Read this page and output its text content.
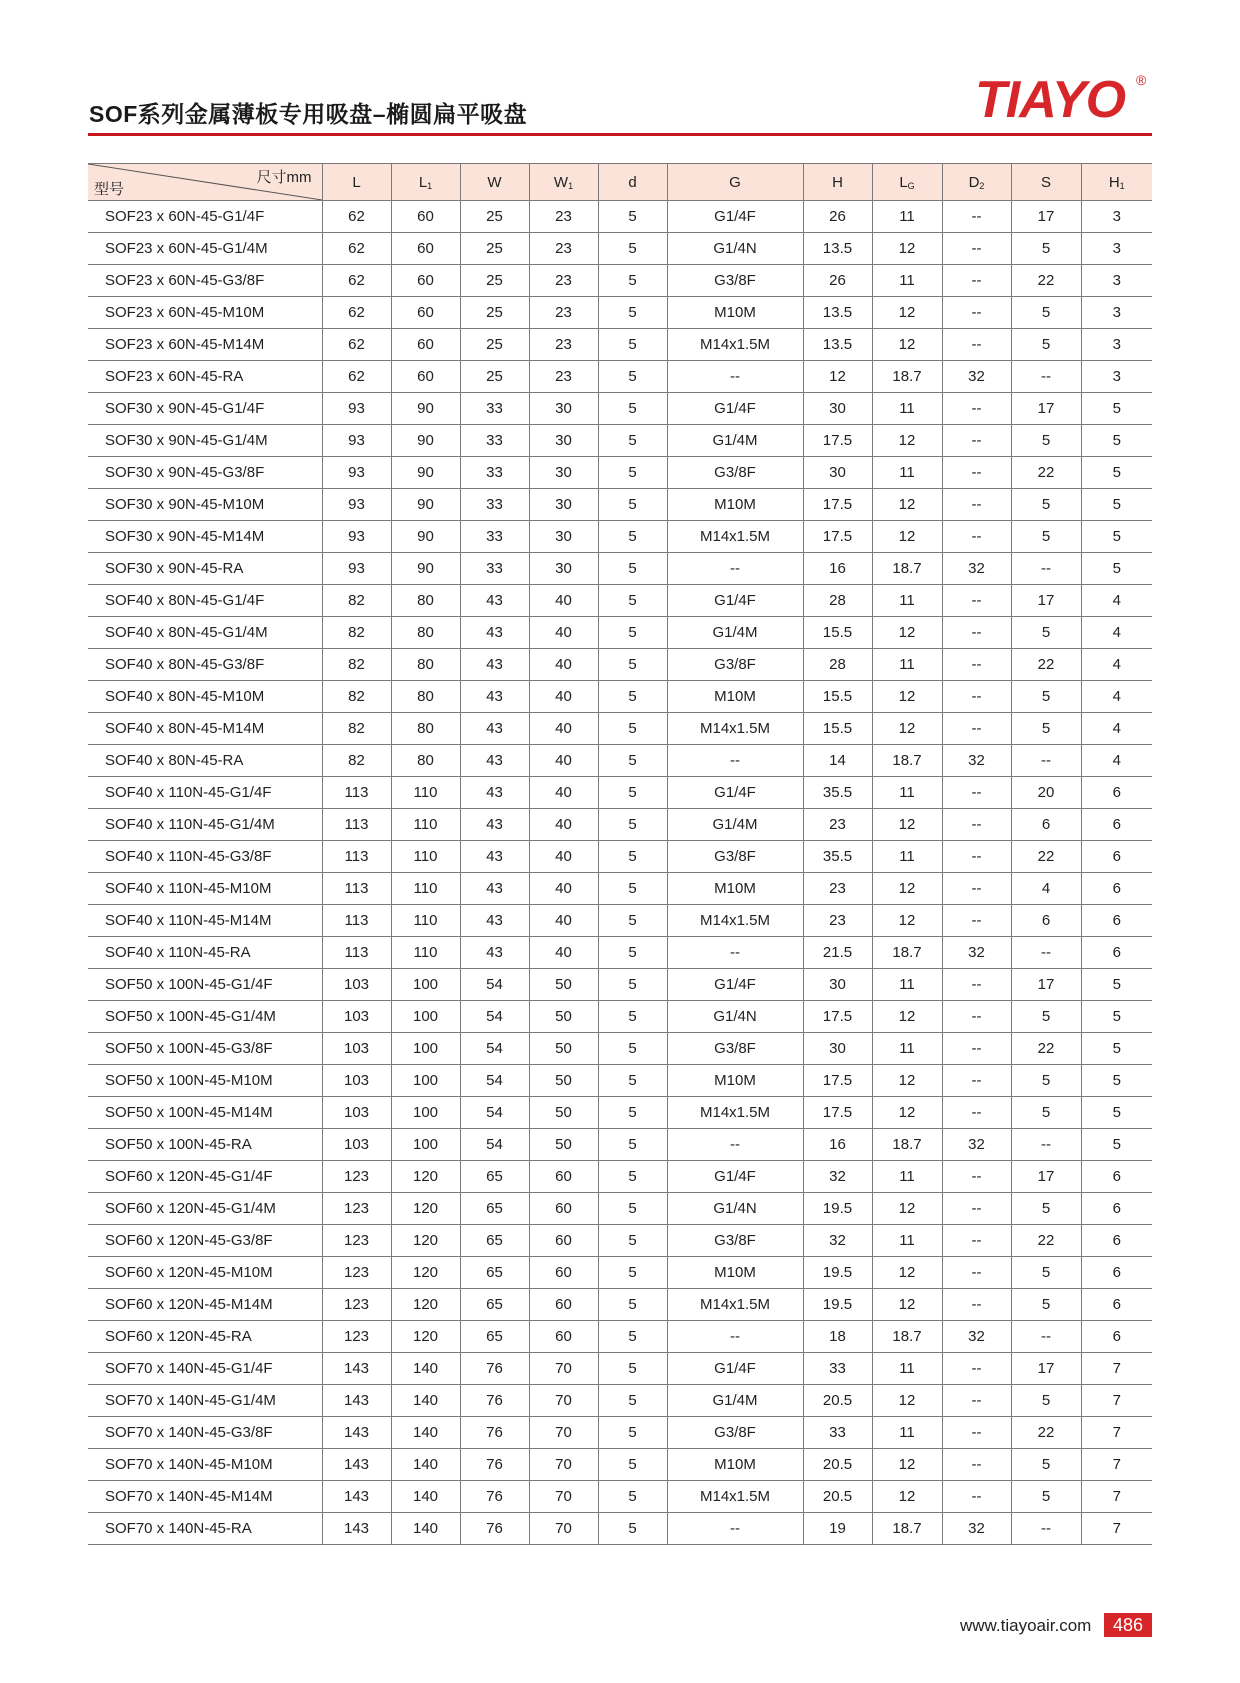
SOF系列金属薄板专用吸盘–椭圆扁平吸盘	TIAYO ®
尺寸mm
型号	L	$L_1$	W	$W_1$	d	G	H	$L_G$	$D_2$	S	$H_1$
SOF23 x 60N-45-G1/4F	62	60	25	23	5	G1/4F	26	11	--	17	3
SOF23 x 60N-45-G1/4M	62	60	25	23	5	G1/4N	13.5	12	--	5	3
SOF23 x 60N-45-G3/8F	62	60	25	23	5	G3/8F	26	11	--	22	3
SOF23 x 60N-45-M10M	62	60	25	23	5	M10M	13.5	12	--	5	3
SOF23 x 60N-45-M14M	62	60	25	23	5	M14x1.5M	13.5	12	--	5	3
SOF23 x 60N-45-RA	62	60	25	23	5	--	12	18.7	32	--	3
SOF30 x 90N-45-G1/4F	93	90	33	30	5	G1/4F	30	11	--	17	5
SOF30 x 90N-45-G1/4M	93	90	33	30	5	G1/4M	17.5	12	--	5	5
SOF30 x 90N-45-G3/8F	93	90	33	30	5	G3/8F	30	11	--	22	5
SOF30 x 90N-45-M10M	93	90	33	30	5	M10M	17.5	12	--	5	5
SOF30 x 90N-45-M14M	93	90	33	30	5	M14x1.5M	17.5	12	--	5	5
SOF30 x 90N-45-RA	93	90	33	30	5	--	16	18.7	32	--	5
SOF40 x 80N-45-G1/4F	82	80	43	40	5	G1/4F	28	11	--	17	4
SOF40 x 80N-45-G1/4M	82	80	43	40	5	G1/4M	15.5	12	--	5	4
SOF40 x 80N-45-G3/8F	82	80	43	40	5	G3/8F	28	11	--	22	4
SOF40 x 80N-45-M10M	82	80	43	40	5	M10M	15.5	12	--	5	4
SOF40 x 80N-45-M14M	82	80	43	40	5	M14x1.5M	15.5	12	--	5	4
SOF40 x 80N-45-RA	82	80	43	40	5	--	14	18.7	32	--	4
SOF40 x 110N-45-G1/4F	113	110	43	40	5	G1/4F	35.5	11	--	20	6
SOF40 x 110N-45-G1/4M	113	110	43	40	5	G1/4M	23	12	--	6	6
SOF40 x 110N-45-G3/8F	113	110	43	40	5	G3/8F	35.5	11	--	22	6
SOF40 x 110N-45-M10M	113	110	43	40	5	M10M	23	12	--	4	6
SOF40 x 110N-45-M14M	113	110	43	40	5	M14x1.5M	23	12	--	6	6
SOF40 x 110N-45-RA	113	110	43	40	5	--	21.5	18.7	32	--	6
SOF50 x 100N-45-G1/4F	103	100	54	50	5	G1/4F	30	11	--	17	5
SOF50 x 100N-45-G1/4M	103	100	54	50	5	G1/4N	17.5	12	--	5	5
SOF50 x 100N-45-G3/8F	103	100	54	50	5	G3/8F	30	11	--	22	5
SOF50 x 100N-45-M10M	103	100	54	50	5	M10M	17.5	12	--	5	5
SOF50 x 100N-45-M14M	103	100	54	50	5	M14x1.5M	17.5	12	--	5	5
SOF50 x 100N-45-RA	103	100	54	50	5	--	16	18.7	32	--	5
SOF60 x 120N-45-G1/4F	123	120	65	60	5	G1/4F	32	11	--	17	6
SOF60 x 120N-45-G1/4M	123	120	65	60	5	G1/4N	19.5	12	--	5	6
SOF60 x 120N-45-G3/8F	123	120	65	60	5	G3/8F	32	11	--	22	6
SOF60 x 120N-45-M10M	123	120	65	60	5	M10M	19.5	12	--	5	6
SOF60 x 120N-45-M14M	123	120	65	60	5	M14x1.5M	19.5	12	--	5	6
SOF60 x 120N-45-RA	123	120	65	60	5	--	18	18.7	32	--	6
SOF70 x 140N-45-G1/4F	143	140	76	70	5	G1/4F	33	11	--	17	7
SOF70 x 140N-45-G1/4M	143	140	76	70	5	G1/4M	20.5	12	--	5	7
SOF70 x 140N-45-G3/8F	143	140	76	70	5	G3/8F	33	11	--	22	7
SOF70 x 140N-45-M10M	143	140	76	70	5	M10M	20.5	12	--	5	7
SOF70 x 140N-45-M14M	143	140	76	70	5	M14x1.5M	20.5	12	--	5	7
SOF70 x 140N-45-RA	143	140	76	70	5	--	19	18.7	32	--	7
www.tiayoair.com	486
